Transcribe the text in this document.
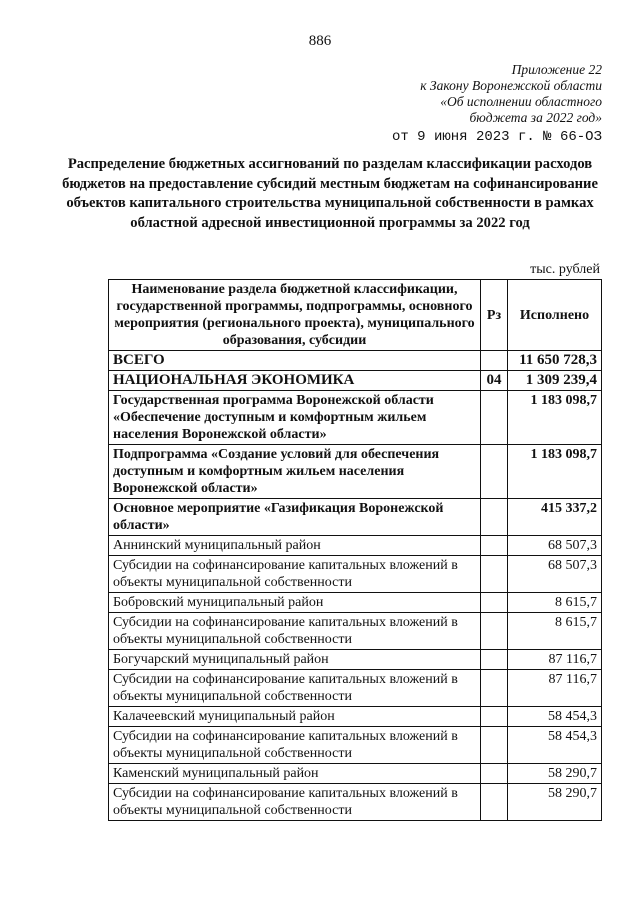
886
Приложение 22
к Закону Воронежской области
«Об исполнении областного
бюджета за 2022 год»
от 9 июня 2023 г. № 66-ОЗ
Распределение бюджетных ассигнований по разделам классификации расходов бюджетов на предоставление субсидий местным бюджетам на софинансирование объектов капитального строительства муниципальной собственности в рамках областной адресной инвестиционной программы за 2022 год
тыс. рублей
Наименование раздела бюджетной классификации, государственной программы, подпрограммы, основного мероприятия (регионального проекта), муниципального образования, субсидии	Рз	Исполнено
ВСЕГО		11 650 728,3
НАЦИОНАЛЬНАЯ ЭКОНОМИКА	04	1 309 239,4
Государственная программа Воронежской области «Обеспечение доступным и комфортным жильем населения Воронежской области»		1 183 098,7
Подпрограмма «Создание условий для обеспечения доступным и комфортным жильем населения Воронежской области»		1 183 098,7
Основное мероприятие «Газификация Воронежской области»		415 337,2
Аннинский муниципальный район		68 507,3
Субсидии на софинансирование капитальных вложений в объекты муниципальной собственности		68 507,3
Бобровский муниципальный район		8 615,7
Субсидии на софинансирование капитальных вложений в объекты муниципальной собственности		8 615,7
Богучарский муниципальный район		87 116,7
Субсидии на софинансирование капитальных вложений в объекты муниципальной собственности		87 116,7
Калачеевский муниципальный район		58 454,3
Субсидии на софинансирование капитальных вложений в объекты муниципальной собственности		58 454,3
Каменский муниципальный район		58 290,7
Субсидии на софинансирование капитальных вложений в объекты муниципальной собственности		58 290,7
